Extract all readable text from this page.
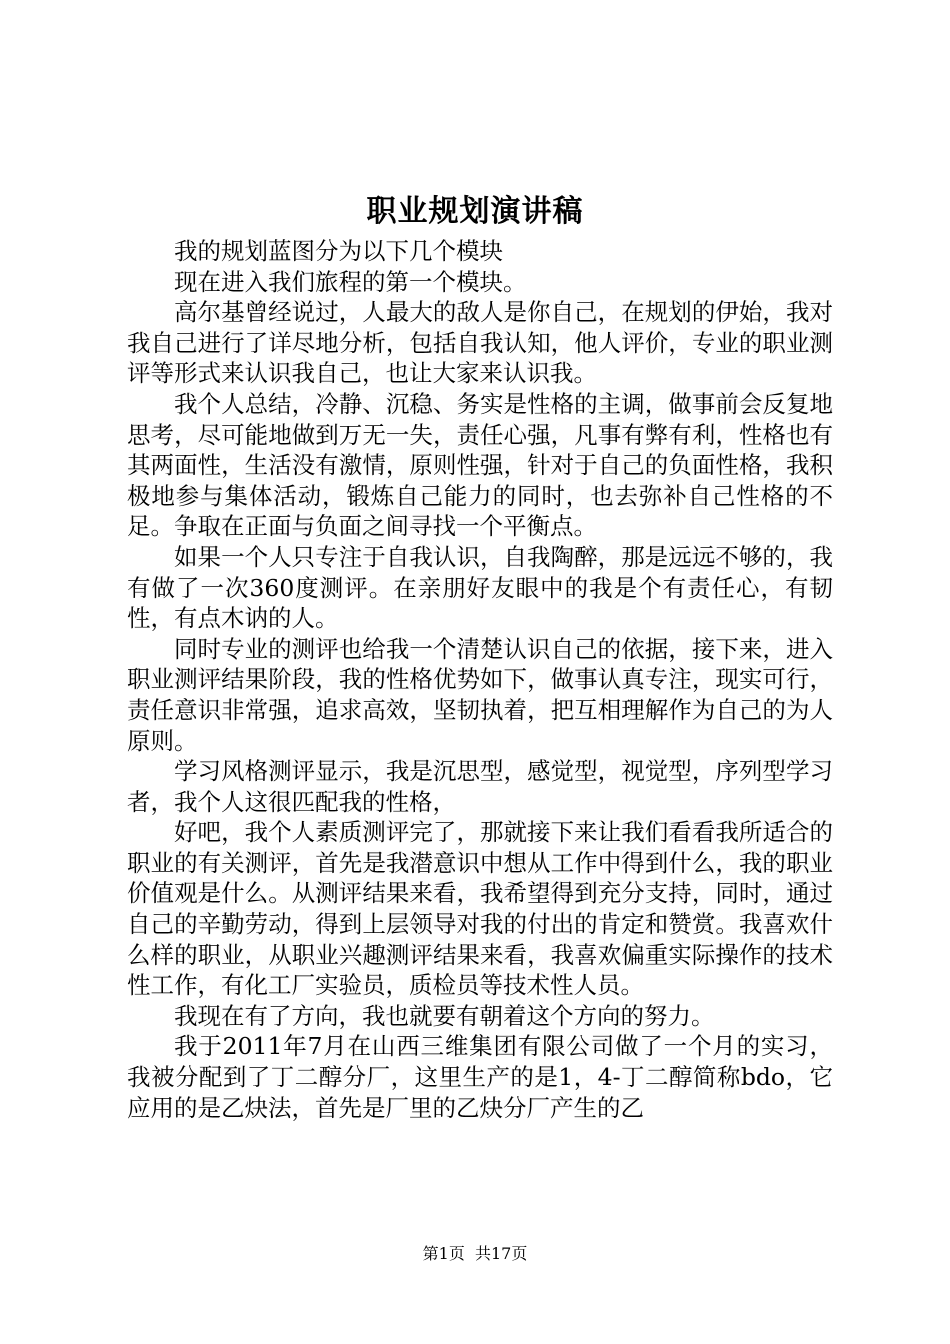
职业规划演讲稿

我的规划蓝图分为以下几个模块

现在进入我们旅程的第一个模块。

高尔基曾经说过，人最大的敌人是你自己，在规划的伊始，我对我自己进行了详尽地分析，包括自我认知，他人评价，专业的职业测评等形式来认识我自己，也让大家来认识我。

我个人总结，冷静、沉稳、务实是性格的主调，做事前会反复地思考，尽可能地做到万无一失，责任心强，凡事有弊有利，性格也有其两面性，生活没有激情，原则性强，针对于自己的负面性格，我积极地参与集体活动，锻炼自己能力的同时，也去弥补自己性格的不足。争取在正面与负面之间寻找一个平衡点。

如果一个人只专注于自我认识，自我陶醉，那是远远不够的，我有做了一次360度测评。在亲朋好友眼中的我是个有责任心，有韧性，有点木讷的人。

同时专业的测评也给我一个清楚认识自己的依据，接下来，进入职业测评结果阶段，我的性格优势如下，做事认真专注，现实可行，责任意识非常强，追求高效，坚韧执着，把互相理解作为自己的为人原则。

学习风格测评显示，我是沉思型，感觉型，视觉型，序列型学习者，我个人这很匹配我的性格，

好吧，我个人素质测评完了，那就接下来让我们看看我所适合的职业的有关测评，首先是我潜意识中想从工作中得到什么，我的职业价值观是什么。从测评结果来看，我希望得到充分支持，同时，通过自己的辛勤劳动，得到上层领导对我的付出的肯定和赞赏。我喜欢什么样的职业，从职业兴趣测评结果来看，我喜欢偏重实际操作的技术性工作，有化工厂实验员，质检员等技术性人员。

我现在有了方向，我也就要有朝着这个方向的努力。

我于2011年7月在山西三维集团有限公司做了一个月的实习，我被分配到了丁二醇分厂，这里生产的是1，4-丁二醇简称bdo，它应用的是乙炔法，首先是厂里的乙炔分厂产生的乙

第1页  共17页
